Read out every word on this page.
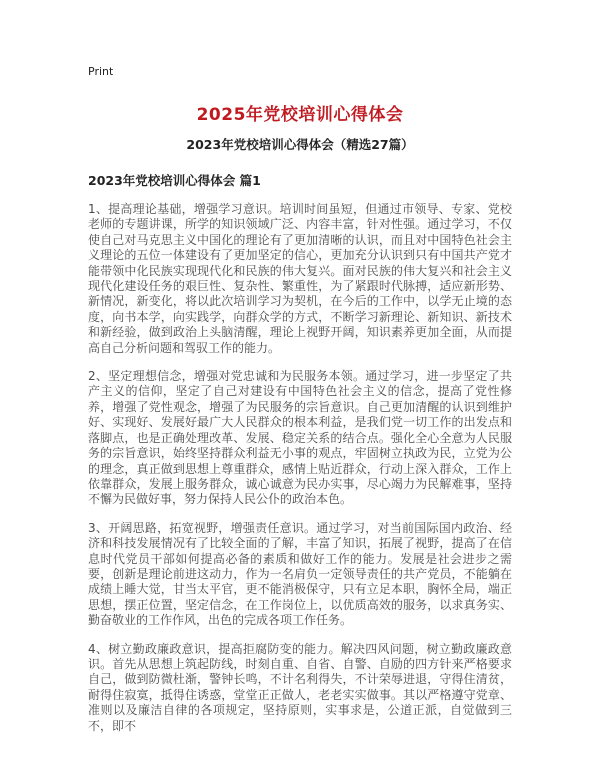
Print
2025年党校培训心得体会
2023年党校培训心得体会（精选27篇）
2023年党校培训心得体会 篇1

1、提高理论基础，增强学习意识。培训时间虽短，但通过市领导、专家、党校老师的专题讲课，所学的知识领域广泛、内容丰富，针对性强。通过学习，不仅使自己对马克思主义中国化的理论有了更加清晰的认识，而且对中国特色社会主义理论的五位一体建设有了更加坚定的信心，更加充分认识到只有中国共产党才能带领中化民族实现现代化和民族的伟大复兴。面对民族的伟大复兴和社会主义现代化建设任务的艰巨性、复杂性、繁重性，为了紧跟时代脉搏，适应新形势、新情况，新变化，将以此次培训学习为契机，在今后的工作中，以学无止境的态度，向书本学，向实践学，向群众学的方式，不断学习新理论、新知识、新技术和新经验，做到政治上头脑清醒，理论上视野开阔，知识素养更加全面，从而提高自己分析问题和驾驭工作的能力。

2、坚定理想信念，增强对党忠诚和为民服务本领。通过学习，进一步坚定了共产主义的信仰，坚定了自己对建设有中国特色社会主义的信念，提高了党性修养，增强了党性观念，增强了为民服务的宗旨意识。自己更加清醒的认识到维护好、实现好、发展好最广大人民群众的根本利益，是我们党一切工作的出发点和落脚点，也是正确处理改革、发展、稳定关系的结合点。强化全心全意为人民服务的宗旨意识，始终坚持群众利益无小事的观点，牢固树立执政为民，立党为公的理念，真正做到思想上尊重群众，感情上贴近群众，行动上深入群众，工作上依靠群众，发展上服务群众，诚心诚意为民办实事，尽心竭力为民解难事，坚持不懈为民做好事，努力保持人民公仆的政治本色。

3、开阔思路，拓宽视野，增强责任意识。通过学习，对当前国际国内政治、经济和科技发展情况有了比较全面的了解，丰富了知识，拓展了视野，提高了在信息时代党员干部如何提高必备的素质和做好工作的能力。发展是社会进步之需要，创新是理论前进这动力，作为一名肩负一定领导责任的共产党员，不能躺在成绩上睡大觉，甘当太平官，更不能消极保守，只有立足本职，胸怀全局，端正思想，摆正位置，坚定信念，在工作岗位上，以优质高效的服务，以求真务实、勤奋敬业的工作作风，出色的完成各项工作任务。

4、树立勤政廉政意识，提高拒腐防变的能力。解决四风问题，树立勤政廉政意识。首先从思想上筑起防线，时刻自重、自省、自警、自励的四方针来严格要求自己，做到防微杜渐，警钟长鸣，不计名利得失，不计荣辱进退，守得住清贫，耐得住寂寞，抵得住诱惑，堂堂正正做人，老老实实做事。其以严格遵守党章、准则以及廉洁自律的各项规定，坚持原则，实事求是，公道正派，自觉做到三不，即不
